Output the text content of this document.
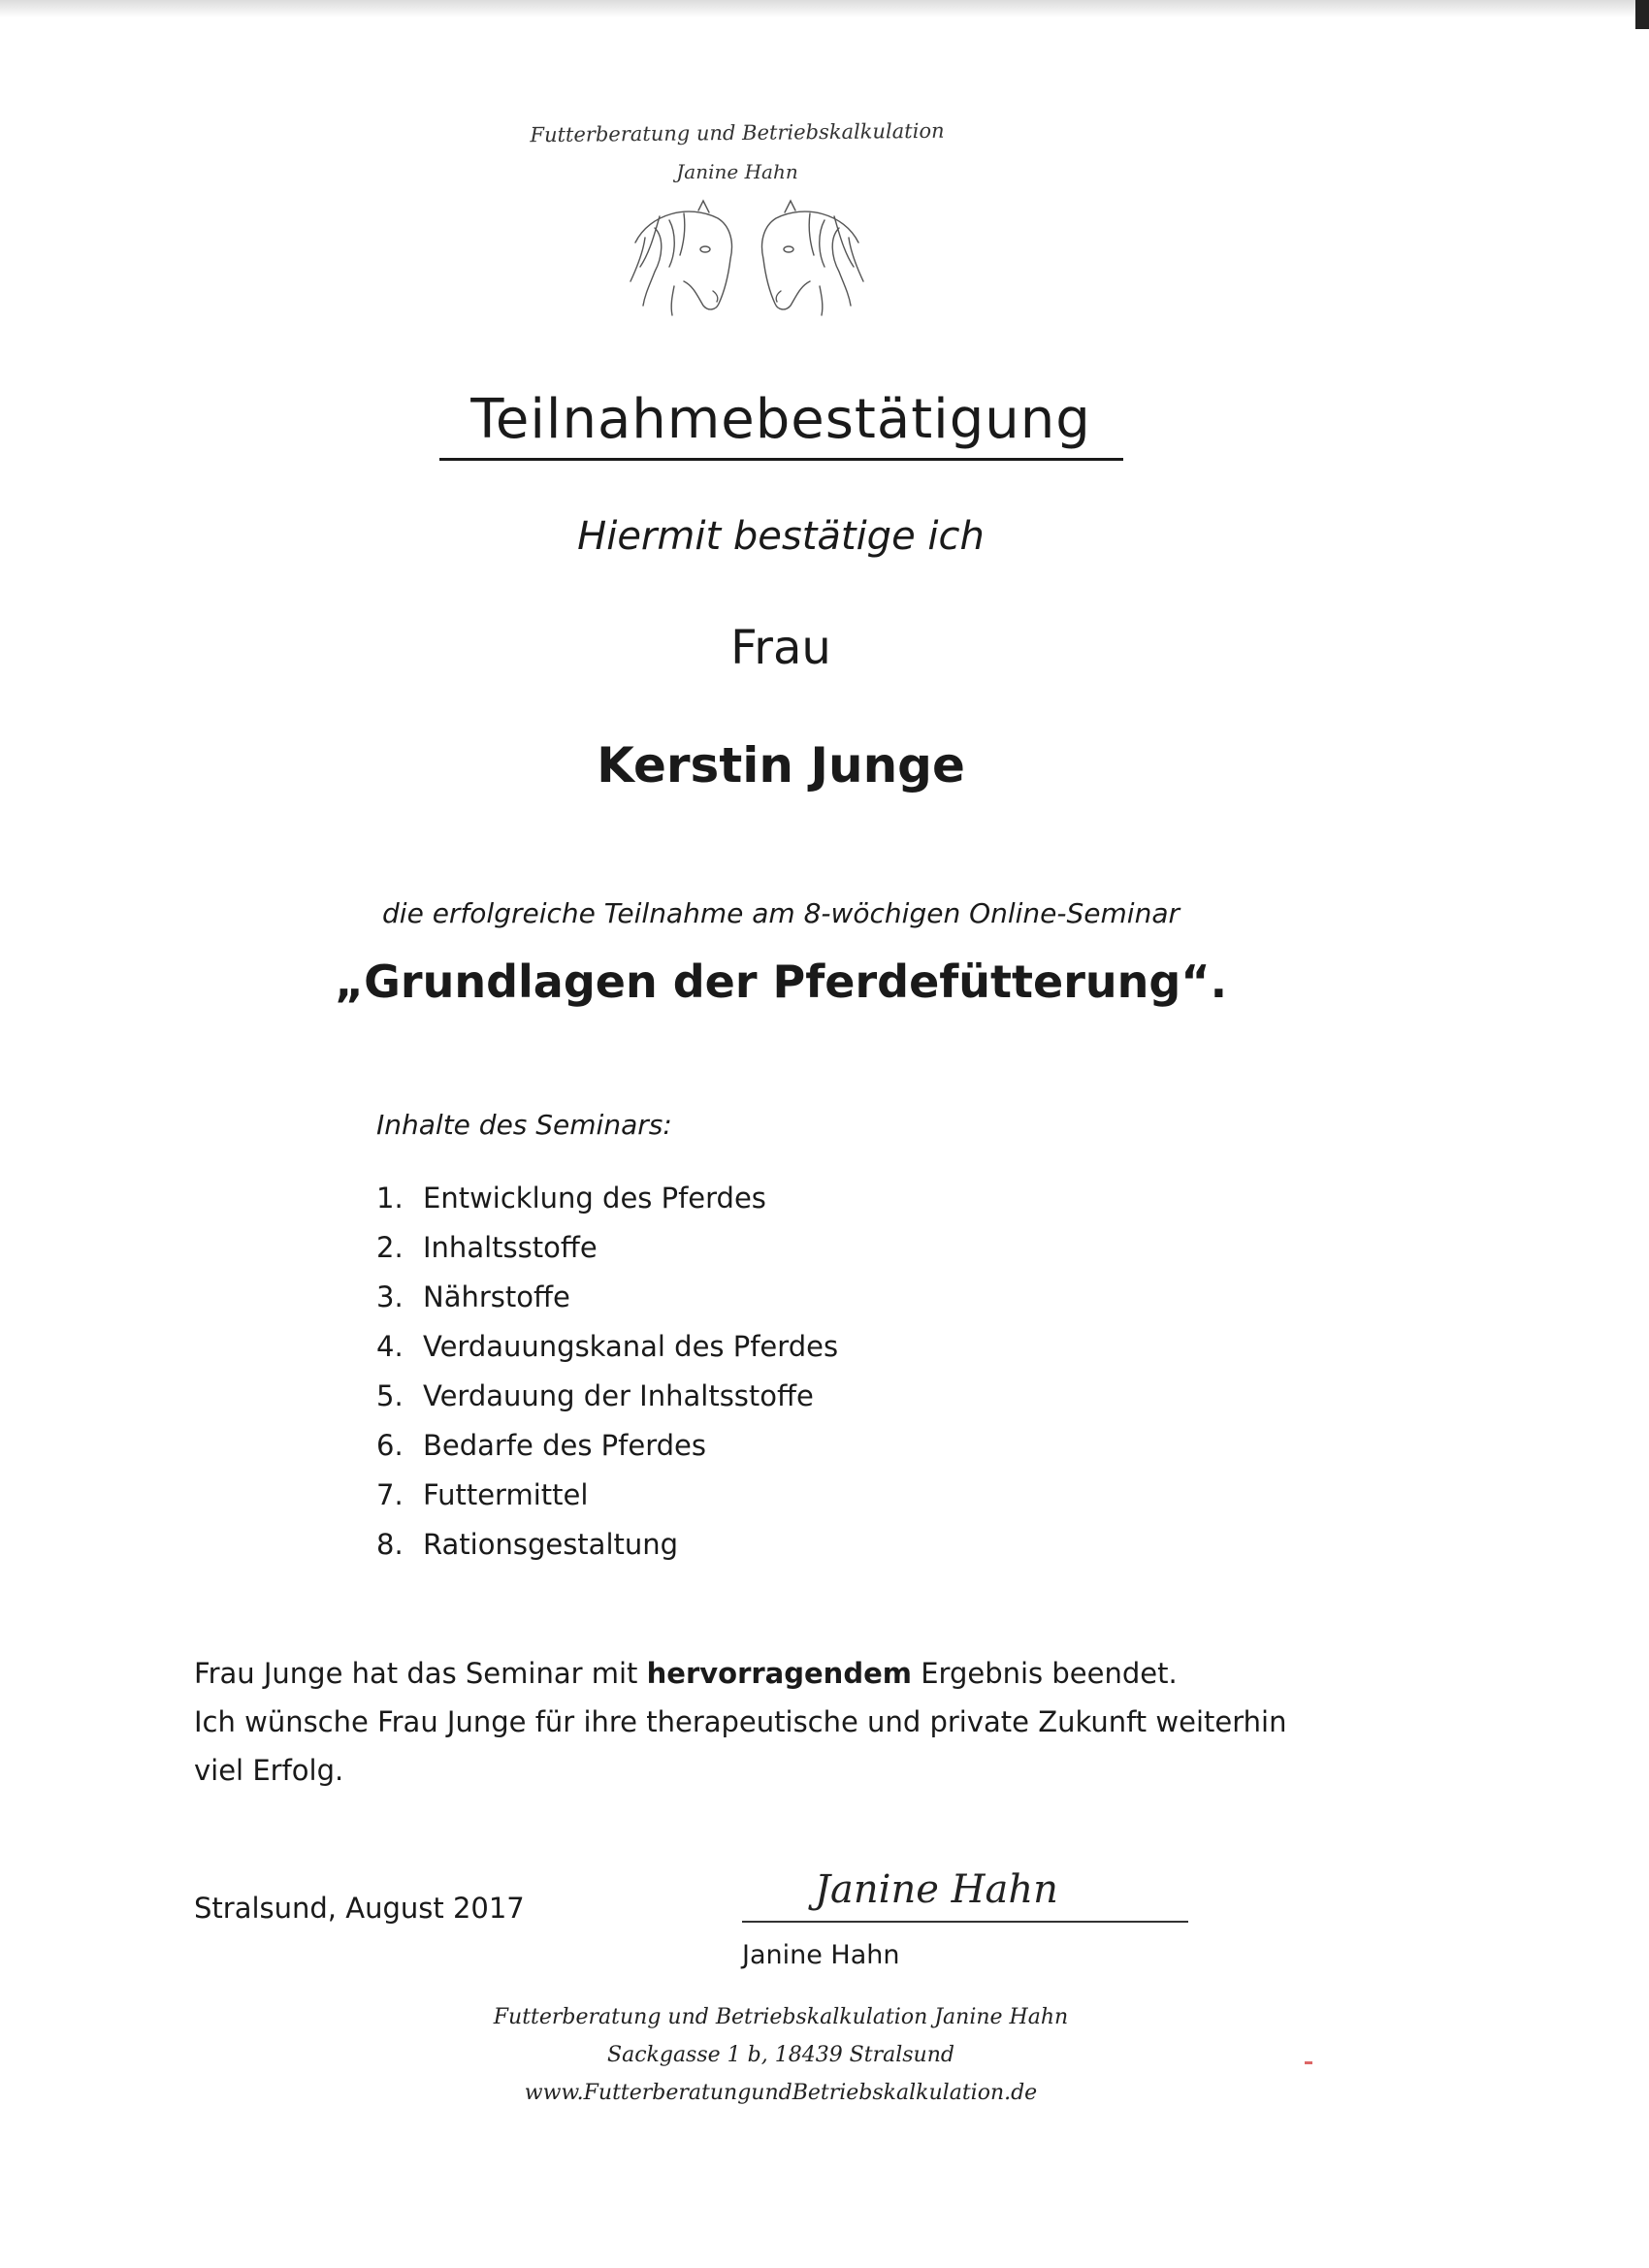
Futterberatung und Betriebskalkulation
Janine Hahn
Teilnahmebestätigung
Hiermit bestätige ich
Frau
Kerstin Junge
die erfolgreiche Teilnahme am 8-wöchigen Online-Seminar
„Grundlagen der Pferdefütterung“.
Inhalte des Seminars:
1. Entwicklung des Pferdes
2. Inhaltsstoffe
3. Nährstoffe
4. Verdauungskanal des Pferdes
5. Verdauung der Inhaltsstoffe
6. Bedarfe des Pferdes
7. Futtermittel
8. Rationsgestaltung
Frau Junge hat das Seminar mit hervorragendem Ergebnis beendet.
Ich wünsche Frau Junge für ihre therapeutische und private Zukunft weiterhin
viel Erfolg.
Stralsund, August 2017	Janine Hahn
Janine Hahn
Futterberatung und Betriebskalkulation Janine Hahn
Sackgasse 1 b, 18439 Stralsund
www.FutterberatungundBetriebskalkulation.de
